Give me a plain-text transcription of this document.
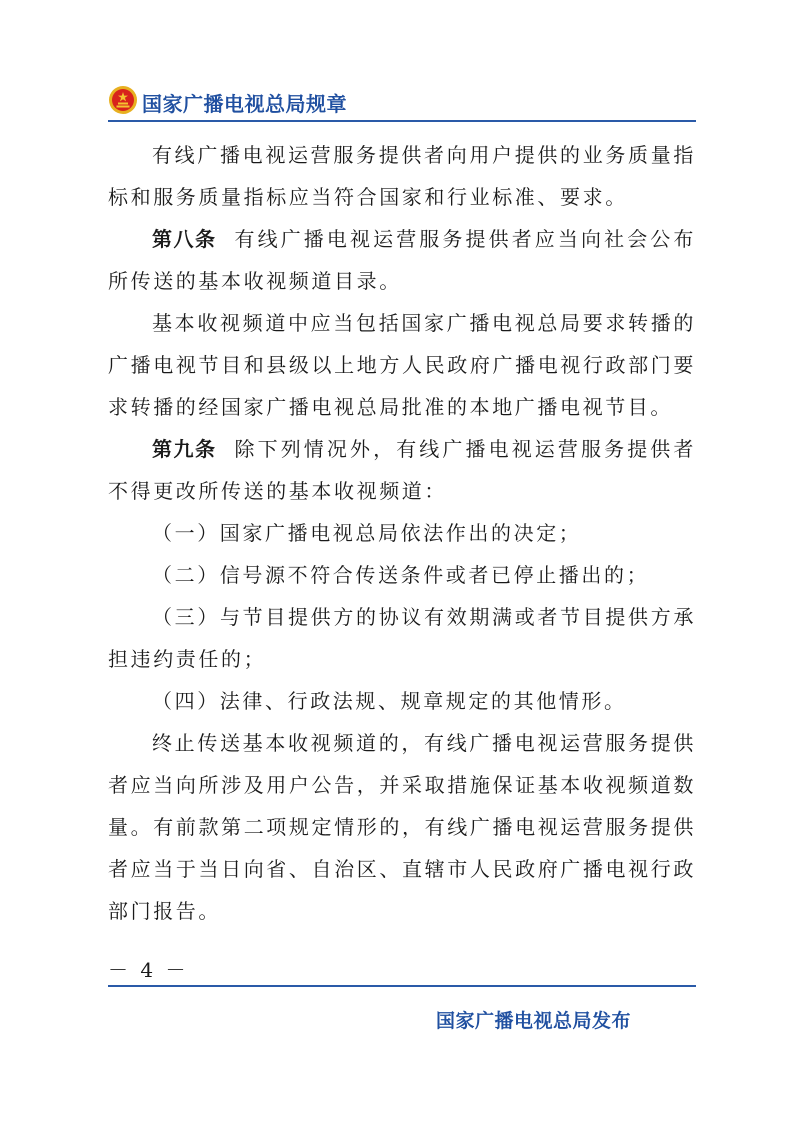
国家广播电视总局规章

有线广播电视运营服务提供者向用户提供的业务质量指标和服务质量指标应当符合国家和行业标准、要求。

第八条 有线广播电视运营服务提供者应当向社会公布所传送的基本收视频道目录。

基本收视频道中应当包括国家广播电视总局要求转播的广播电视节目和县级以上地方人民政府广播电视行政部门要求转播的经国家广播电视总局批准的本地广播电视节目。

第九条 除下列情况外，有线广播电视运营服务提供者不得更改所传送的基本收视频道：

（一）国家广播电视总局依法作出的决定；

（二）信号源不符合传送条件或者已停止播出的；

（三）与节目提供方的协议有效期满或者节目提供方承担违约责任的；

（四）法律、行政法规、规章规定的其他情形。

终止传送基本收视频道的，有线广播电视运营服务提供者应当向所涉及用户公告，并采取措施保证基本收视频道数量。有前款第二项规定情形的，有线广播电视运营服务提供者应当于当日向省、自治区、直辖市人民政府广播电视行政部门报告。

－ 4 －
国家广播电视总局发布
